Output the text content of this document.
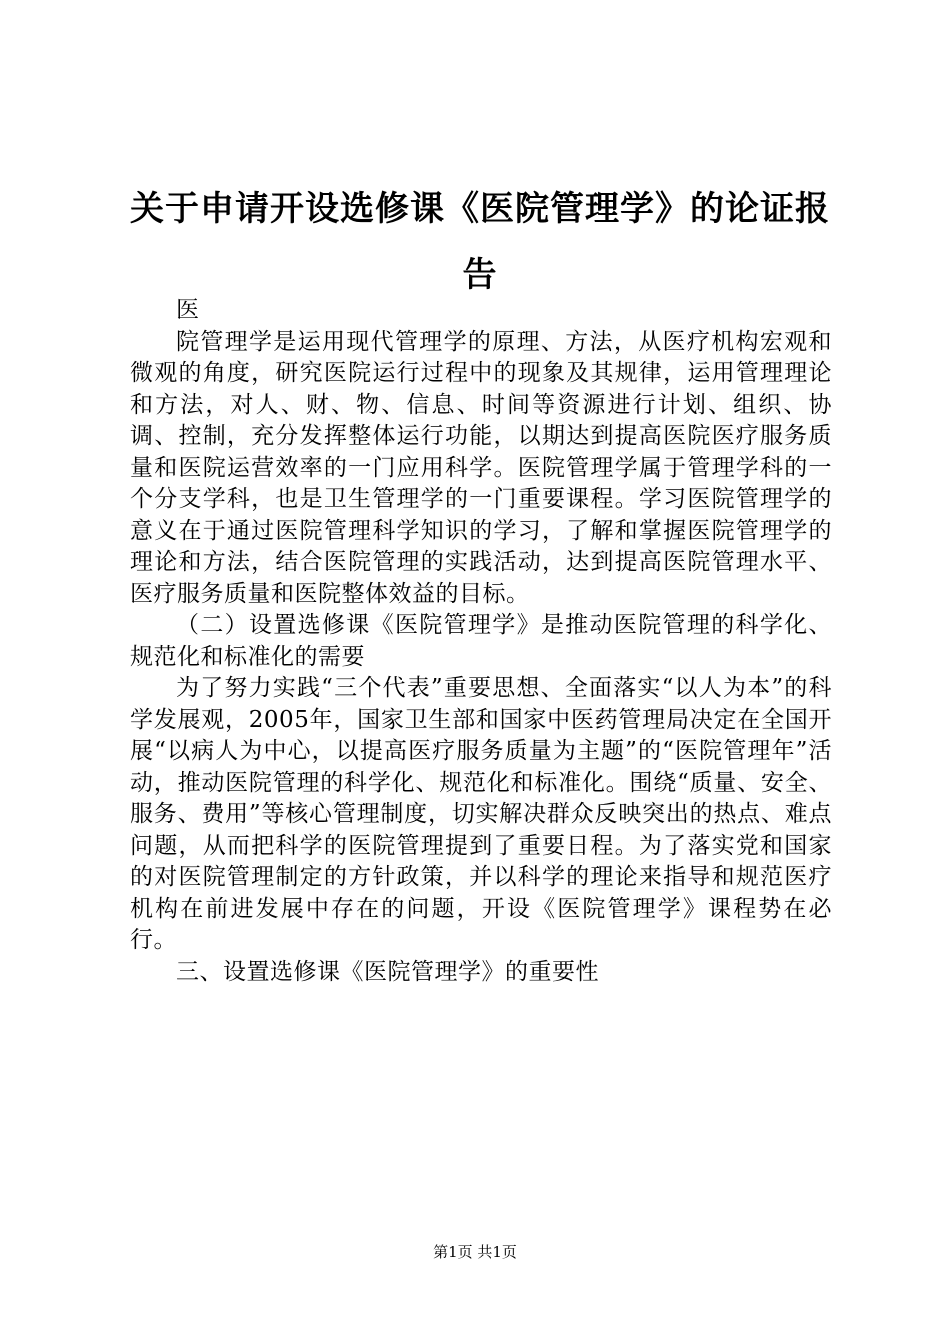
关于申请开设选修课《医院管理学》的论证报告

医

院管理学是运用现代管理学的原理、方法，从医疗机构宏观和微观的角度，研究医院运行过程中的现象及其规律，运用管理理论和方法，对人、财、物、信息、时间等资源进行计划、组织、协调、控制，充分发挥整体运行功能，以期达到提高医院医疗服务质量和医院运营效率的一门应用科学。医院管理学属于管理学科的一个分支学科，也是卫生管理学的一门重要课程。学习医院管理学的意义在于通过医院管理科学知识的学习，了解和掌握医院管理学的理论和方法，结合医院管理的实践活动，达到提高医院管理水平、医疗服务质量和医院整体效益的目标。

（二）设置选修课《医院管理学》是推动医院管理的科学化、规范化和标准化的需要

为了努力实践“三个代表”重要思想、全面落实“以人为本”的科学发展观，2005年，国家卫生部和国家中医药管理局决定在全国开展“以病人为中心，以提高医疗服务质量为主题”的“医院管理年”活动，推动医院管理的科学化、规范化和标准化。围绕“质量、安全、服务、费用”等核心管理制度，切实解决群众反映突出的热点、难点问题，从而把科学的医院管理提到了重要日程。为了落实党和国家的对医院管理制定的方针政策，并以科学的理论来指导和规范医疗机构在前进发展中存在的问题，开设《医院管理学》课程势在必行。

三、设置选修课《医院管理学》的重要性

第1页 共1页
